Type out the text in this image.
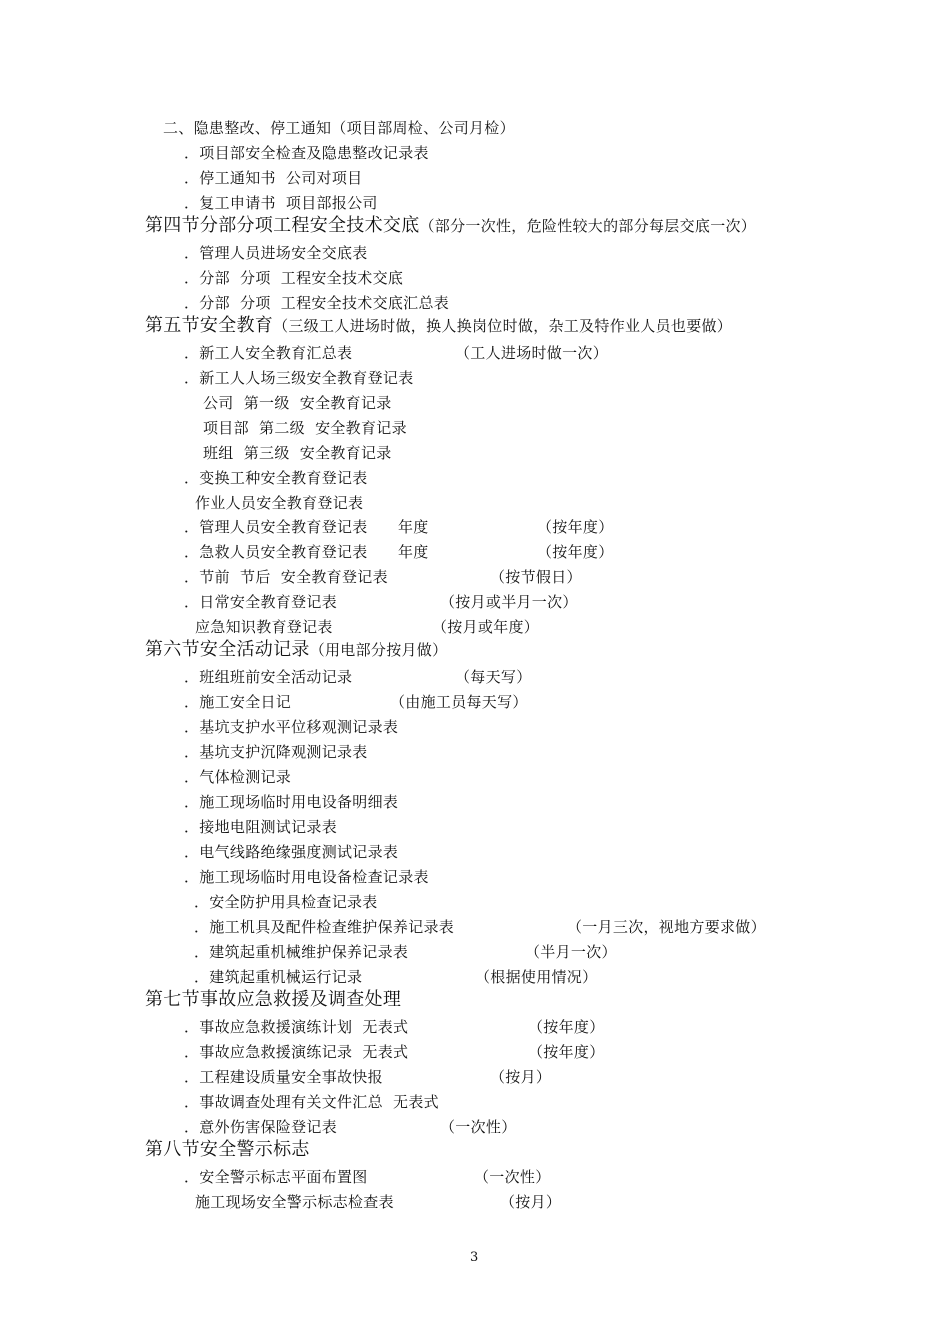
二、隐患整改、停工通知（项目部周检、公司月检）
．项目部安全检查及隐患整改记录表
．停工通知书  公司对项目
．复工申请书  项目部报公司
第四节分部分项工程安全技术交底（部分一次性，危险性较大的部分每层交底一次）
．管理人员进场安全交底表
．分部  分项  工程安全技术交底
．分部  分项  工程安全技术交底汇总表
第五节安全教育（三级工人进场时做，换人换岗位时做，杂工及特作业人员也要做）
．新工人安全教育汇总表	（工人进场时做一次）
．新工人人场三级安全教育登记表
公司  第一级  安全教育记录
项目部  第二级  安全教育记录
班组  第三级  安全教育记录
．变换工种安全教育登记表
作业人员安全教育登记表
．管理人员安全教育登记表      年度	（按年度）
．急救人员安全教育登记表      年度	（按年度）
．节前  节后  安全教育登记表	（按节假日）
．日常安全教育登记表	（按月或半月一次）
应急知识教育登记表	（按月或年度）
第六节安全活动记录（用电部分按月做）
．班组班前安全活动记录	（每天写）
．施工安全日记	（由施工员每天写）
．基坑支护水平位移观测记录表
．基坑支护沉降观测记录表
．气体检测记录
．施工现场临时用电设备明细表
．接地电阻测试记录表
．电气线路绝缘强度测试记录表
．施工现场临时用电设备检查记录表
．安全防护用具检查记录表
．施工机具及配件检查维护保养记录表	（一月三次，视地方要求做）
．建筑起重机械维护保养记录表	（半月一次）
．建筑起重机械运行记录	（根据使用情况）
第七节事故应急救援及调查处理
．事故应急救援演练计划  无表式	（按年度）
．事故应急救援演练记录  无表式	（按年度）
．工程建设质量安全事故快报	（按月）
．事故调查处理有关文件汇总  无表式
．意外伤害保险登记表	（一次性）
第八节安全警示标志
．安全警示标志平面布置图	（一次性）
施工现场安全警示标志检查表	（按月）
3
